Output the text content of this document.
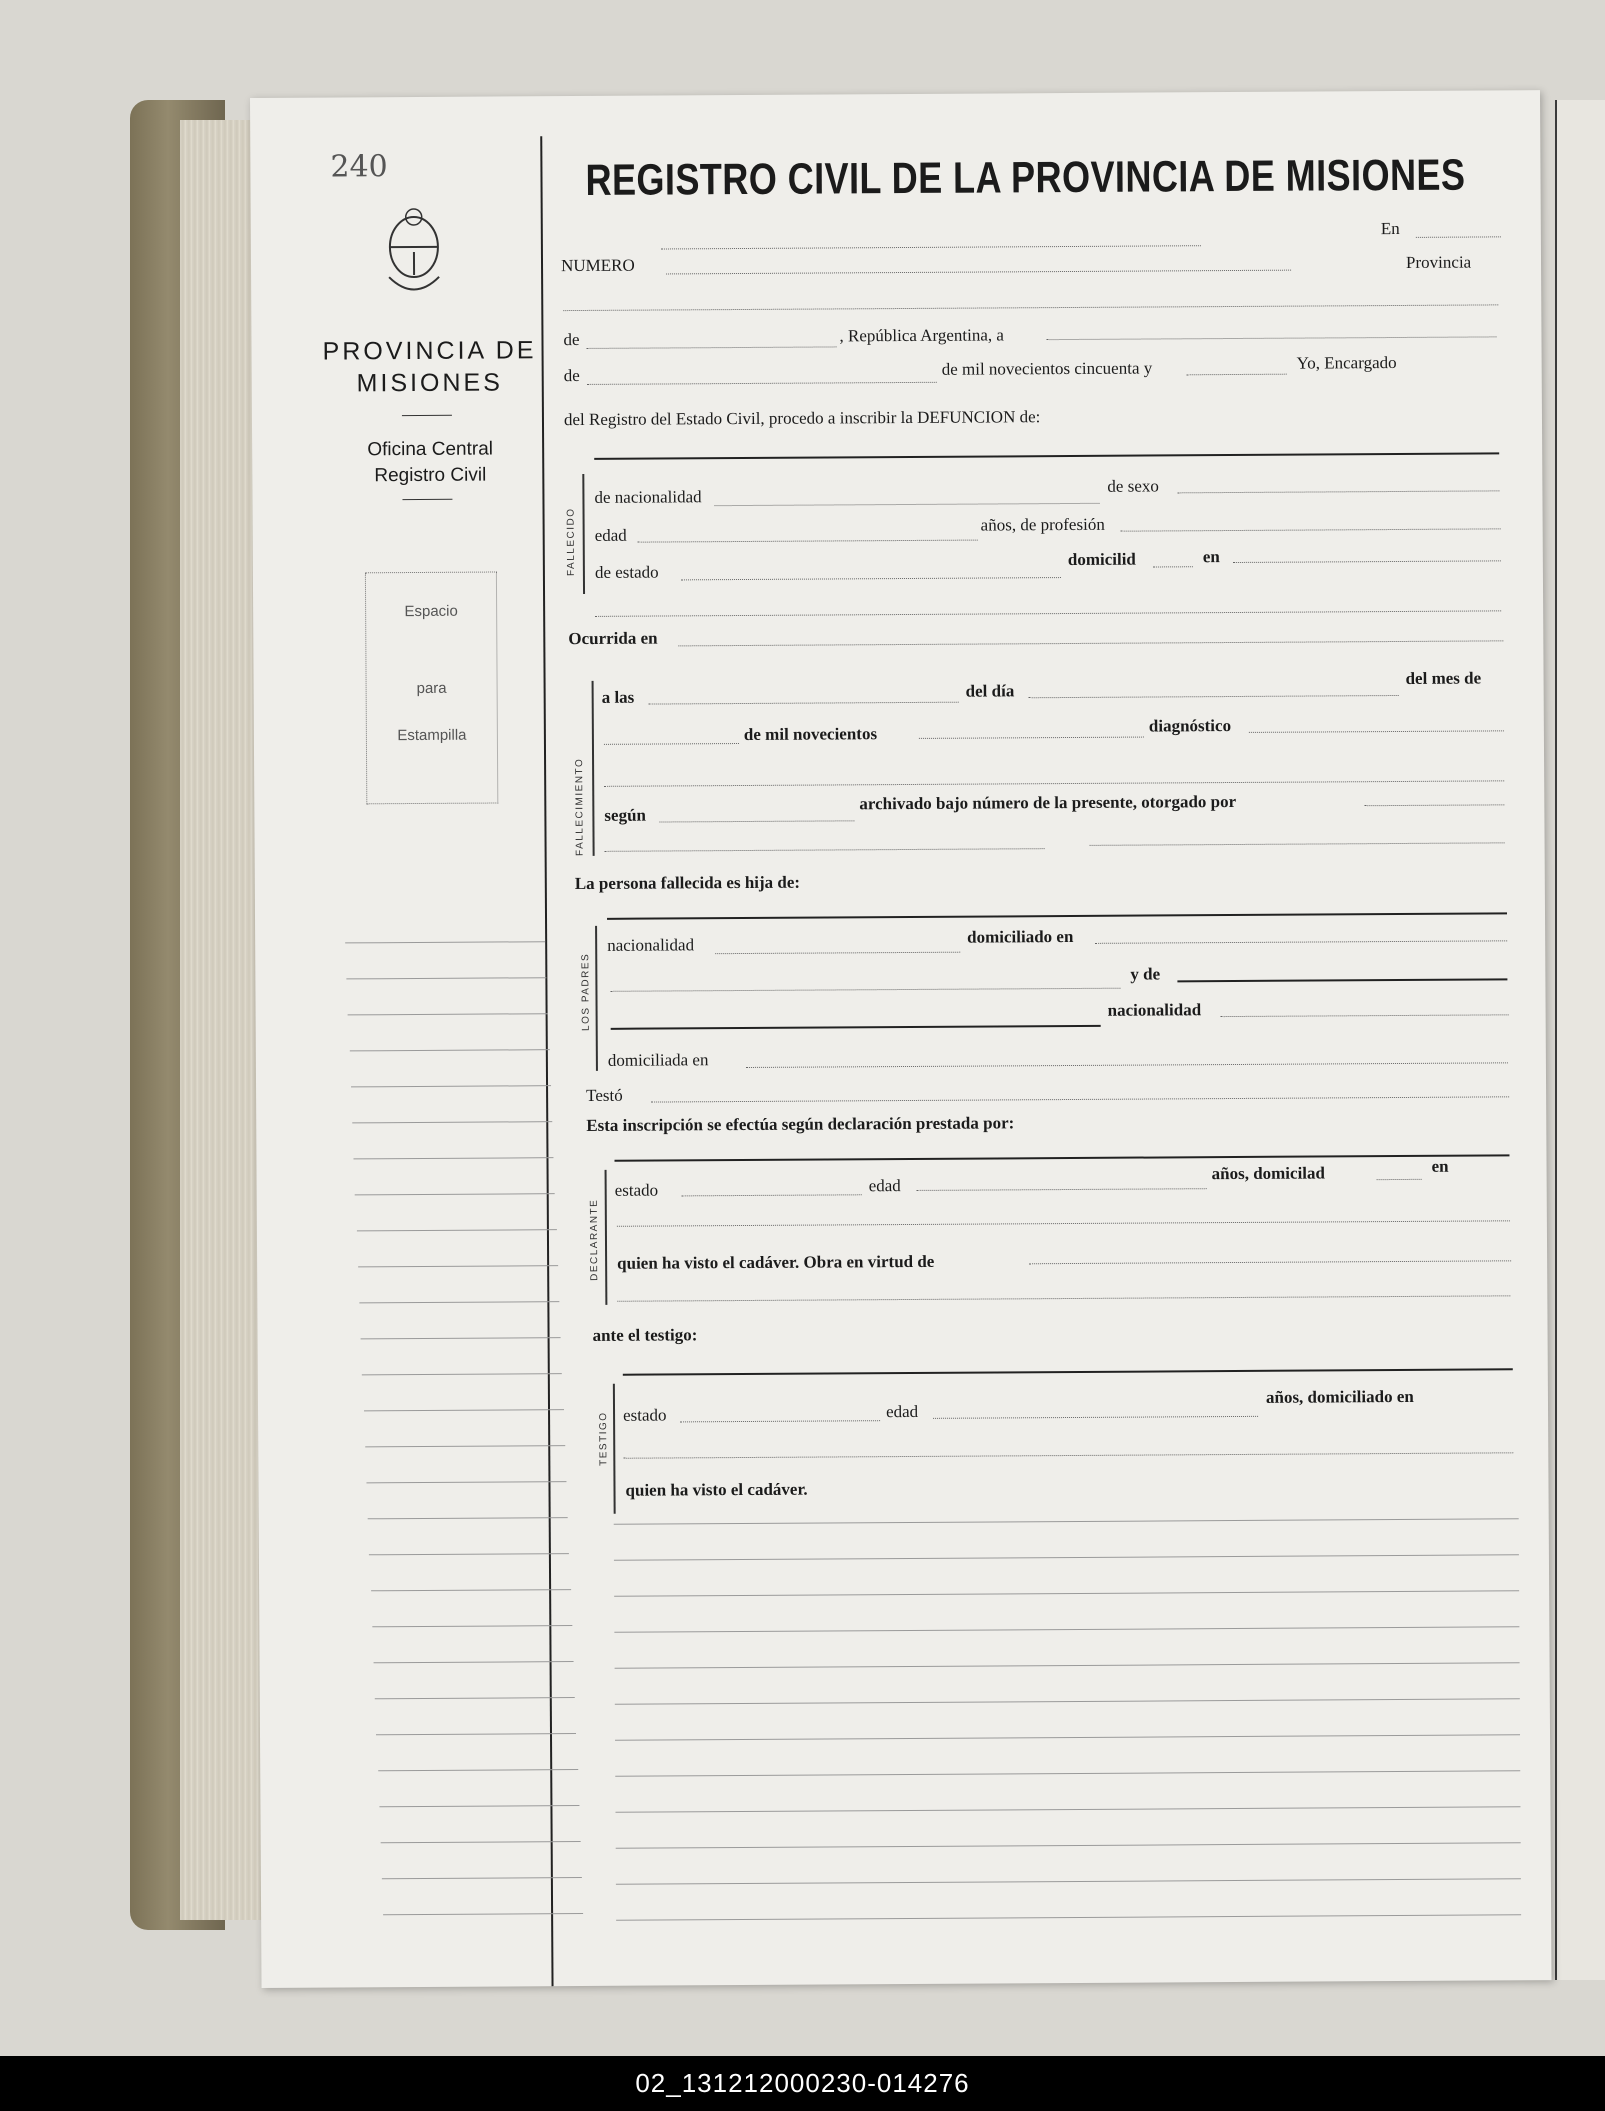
240
PROVINCIA DE
MISIONES
Oficina Central
Registro Civil
Espacio
para
Estampilla
REGISTRO CIVIL DE LA PROVINCIA DE MISIONES
En
NUMERO	Provincia
de	, República Argentina, a
de	de mil novecientos cincuenta y	Yo, Encargado
del Registro del Estado Civil, procedo a inscribir la DEFUNCION de:
FALLECIDO
de nacionalidad
de sexo
edad
años, de profesión
de estado
domicilid	en
Ocurrida en
FALLECIMIENTO
a las	del día
del mes de
de mil novecientos	diagnóstico
según
archivado bajo número de la presente, otorgado por
La persona fallecida es hija de:
LOS PADRES
nacionalidad	domiciliado en
y de
nacionalidad
domiciliada en
Testó
Esta inscripción se efectúa según declaración prestada por:
DECLARANTE
estado	edad
años, domicilad	en
quien ha visto el cadáver. Obra en virtud de
ante el testigo:
TESTIGO estado	edad
años, domiciliado en
quien ha visto el cadáver.
02_131212000230-014276
